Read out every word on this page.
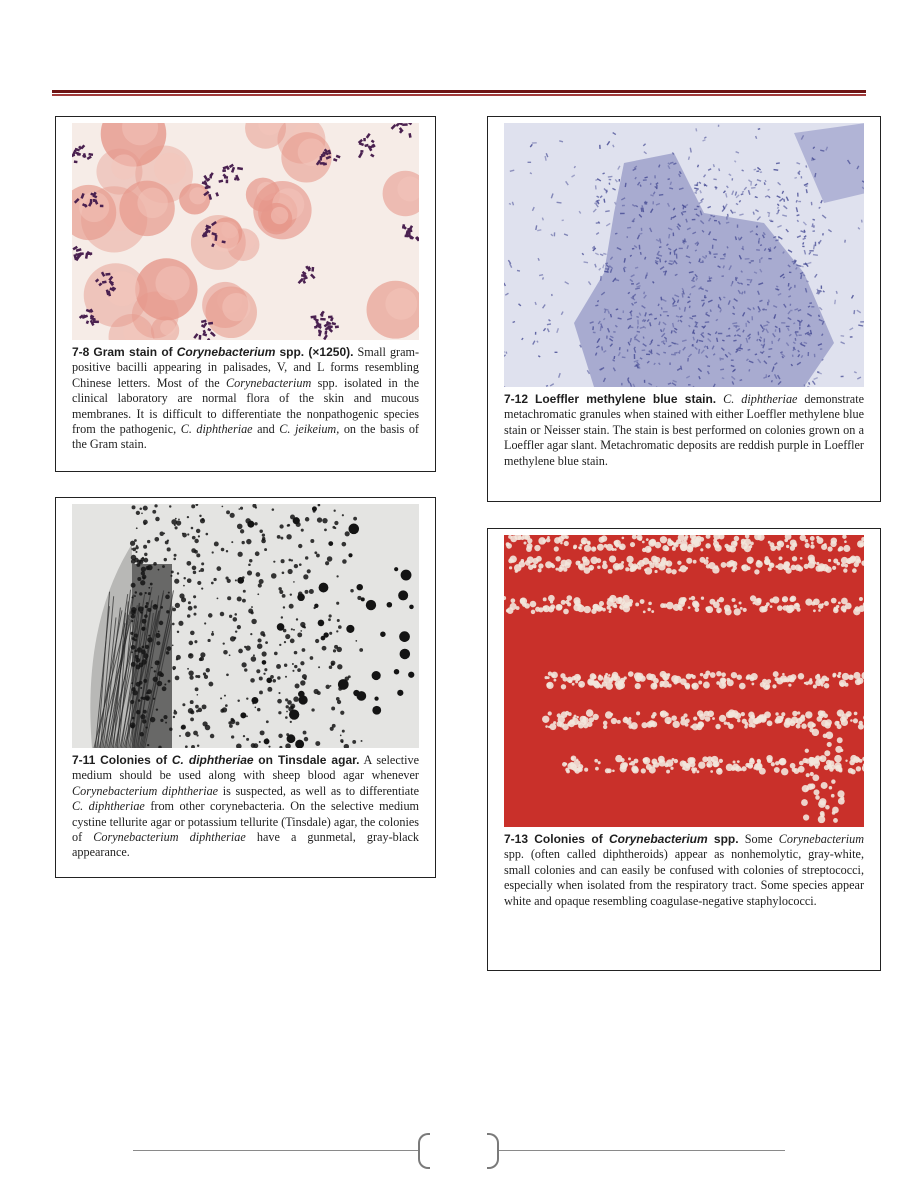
7-8 Gram stain of Corynebacterium spp. (×1250). Small gram-positive bacilli appearing in palisades, V, and L forms resembling Chinese letters. Most of the Corynebacterium spp. isolated in the clinical laboratory are normal flora of the skin and mucous membranes. It is difficult to differentiate the nonpathogenic species from the pathogenic, C. diphtheriae and C. jeikeium, on the basis of the Gram stain.
7-12 Loeffler methylene blue stain. C. diphtheriae demonstrate metachromatic granules when stained with either Loeffler methylene blue stain or Neisser stain. The stain is best performed on colonies grown on a Loeffler agar slant. Metachromatic deposits are reddish purple in Loeffler methylene blue stain.
7-11 Colonies of C. diphtheriae on Tinsdale agar. A selective medium should be used along with sheep blood agar whenever Corynebacterium diphtheriae is suspected, as well as to differentiate C. diphtheriae from other corynebacteria. On the selective medium cystine tellurite agar or potassium tellurite (Tinsdale) agar, the colonies of Corynebacterium diphtheriae have a gunmetal, gray-black appearance.
7-13 Colonies of Corynebacterium spp. Some Corynebacterium spp. (often called diphtheroids) appear as nonhemolytic, gray-white, small colonies and can easily be confused with colonies of streptococci, especially when isolated from the respiratory tract. Some species appear white and opaque resembling coagulase-negative staphylococci.
